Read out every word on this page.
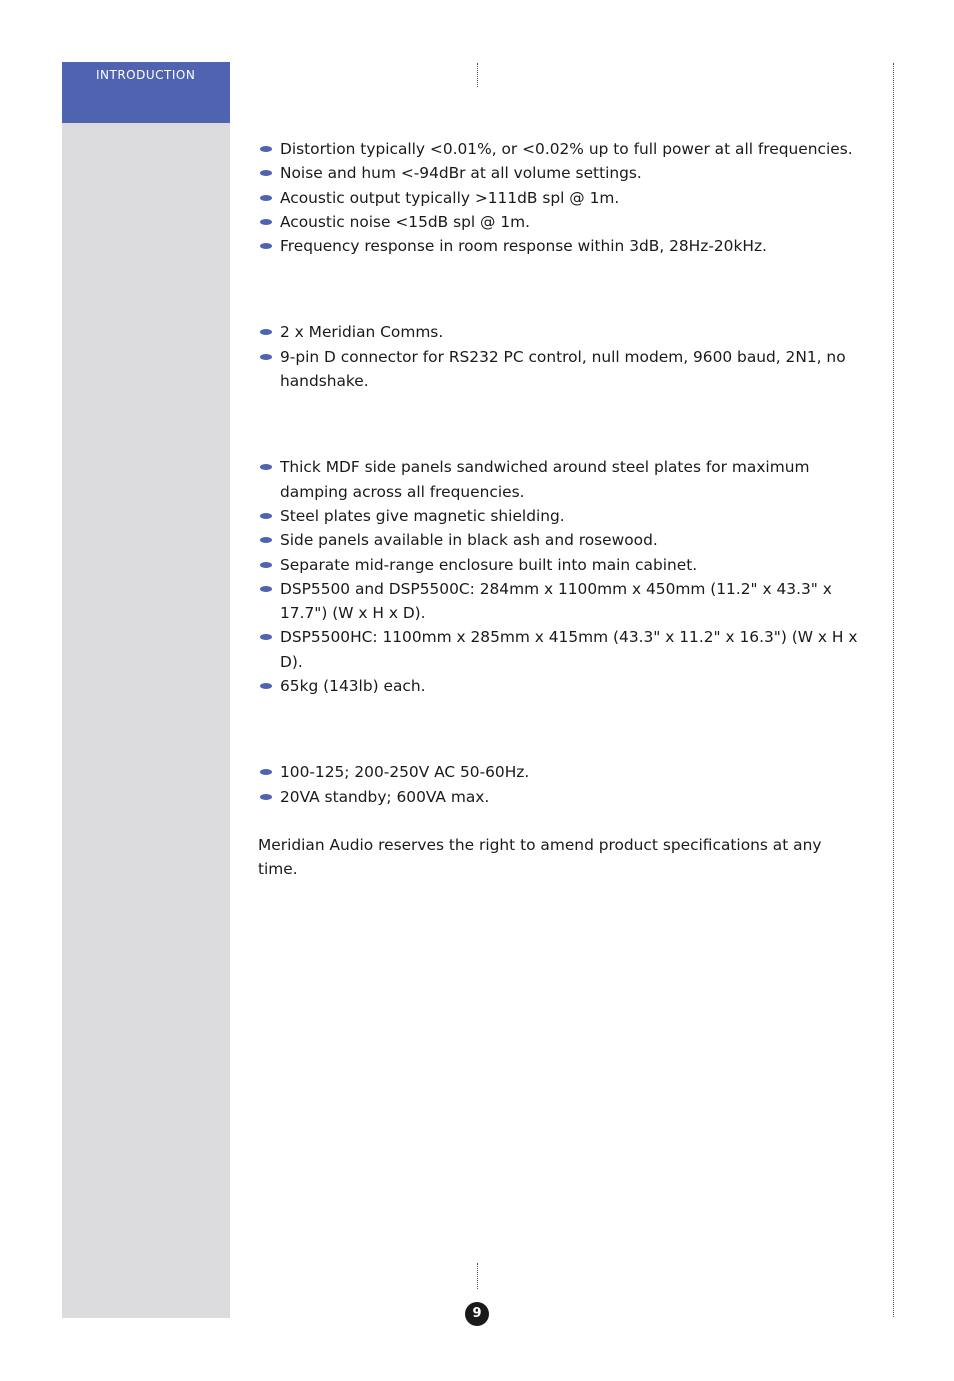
INTRODUCTION
Distortion typically <0.01%, or <0.02% up to full power at all frequencies.
Noise and hum <-94dBr at all volume settings.
Acoustic output typically >111dB spl @ 1m.
Acoustic noise <15dB spl @ 1m.
Frequency response in room response within 3dB, 28Hz-20kHz.
2 x Meridian Comms.
9-pin D connector for RS232 PC control, null modem, 9600 baud, 2N1, no handshake.
Thick MDF side panels sandwiched around steel plates for maximum damping across all frequencies.
Steel plates give magnetic shielding.
Side panels available in black ash and rosewood.
Separate mid-range enclosure built into main cabinet.
DSP5500 and DSP5500C: 284mm x 1100mm x 450mm (11.2" x 43.3" x 17.7") (W x H x D).
DSP5500HC: 1100mm x 285mm x 415mm (43.3" x 11.2" x 16.3") (W x H x D).
65kg (143lb) each.
100-125; 200-250V AC 50-60Hz.
20VA standby; 600VA max.

Meridian Audio reserves the right to amend product specifications at any time.

9
